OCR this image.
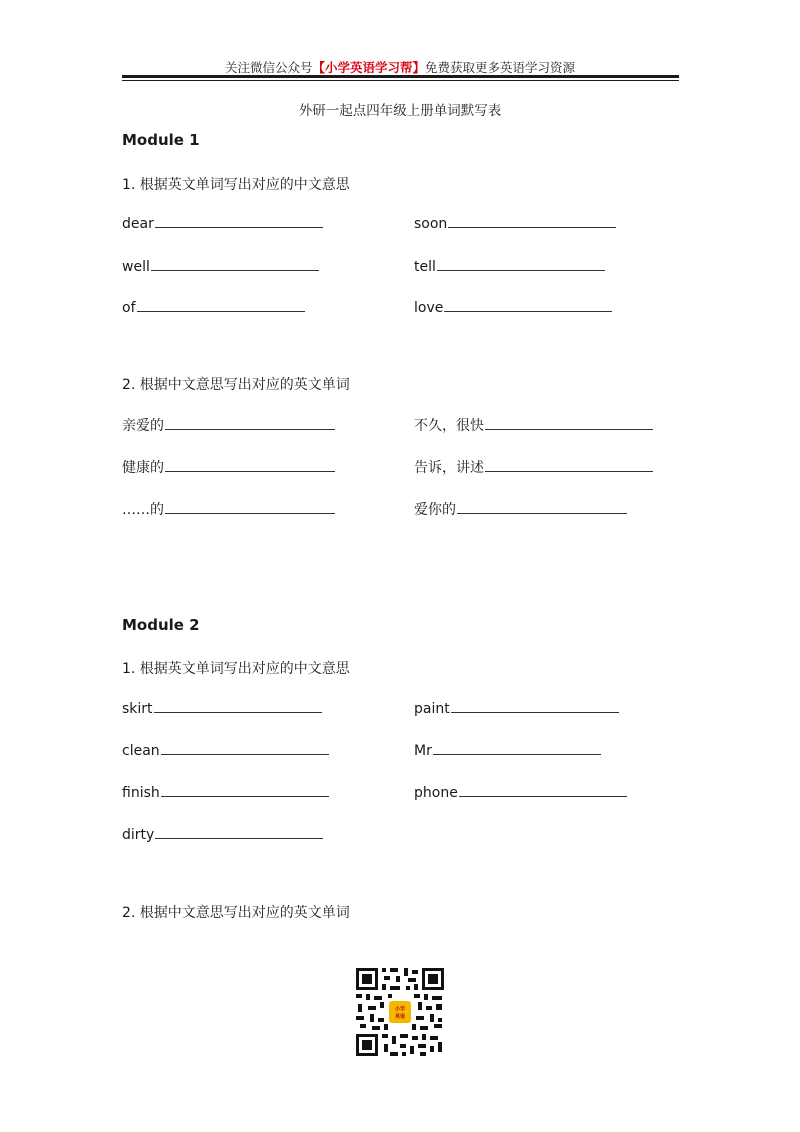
关注微信公众号【小学英语学习帮】免费获取更多英语学习资源
外研一起点四年级上册单词默写表
Module 1
1. 根据英文单词写出对应的中文意思
dear	soon
well	tell
of	love
2. 根据中文意思写出对应的英文单词
亲爱的	不久，很快
健康的	告诉，讲述
……的	爱你的
Module 2
1. 根据英文单词写出对应的中文意思
skirt	paint
clean	Mr
finish	phone
dirty
2. 根据中文意思写出对应的英文单词
小学
英语
